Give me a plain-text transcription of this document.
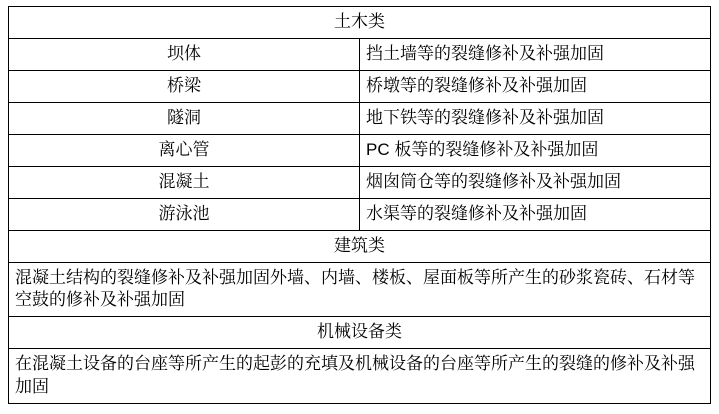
土木类	
坝体	挡土墙等的裂缝修补及补强加固
桥梁	桥墩等的裂缝修补及补强加固
隧洞	地下铁等的裂缝修补及补强加固
离心管	PC 板等的裂缝修补及补强加固
混凝土	烟囱筒仓等的裂缝修补及补强加固
游泳池	水渠等的裂缝修补及补强加固
建筑类	
混凝土结构的裂缝修补及补强加固外墙、内墙、楼板、屋面板等所产生的砂浆瓷砖、石材等空鼓的修补及补强加固	
机械设备类	
在混凝土设备的台座等所产生的起彭的充填及机械设备的台座等所产生的裂缝的修补及补强加固	
